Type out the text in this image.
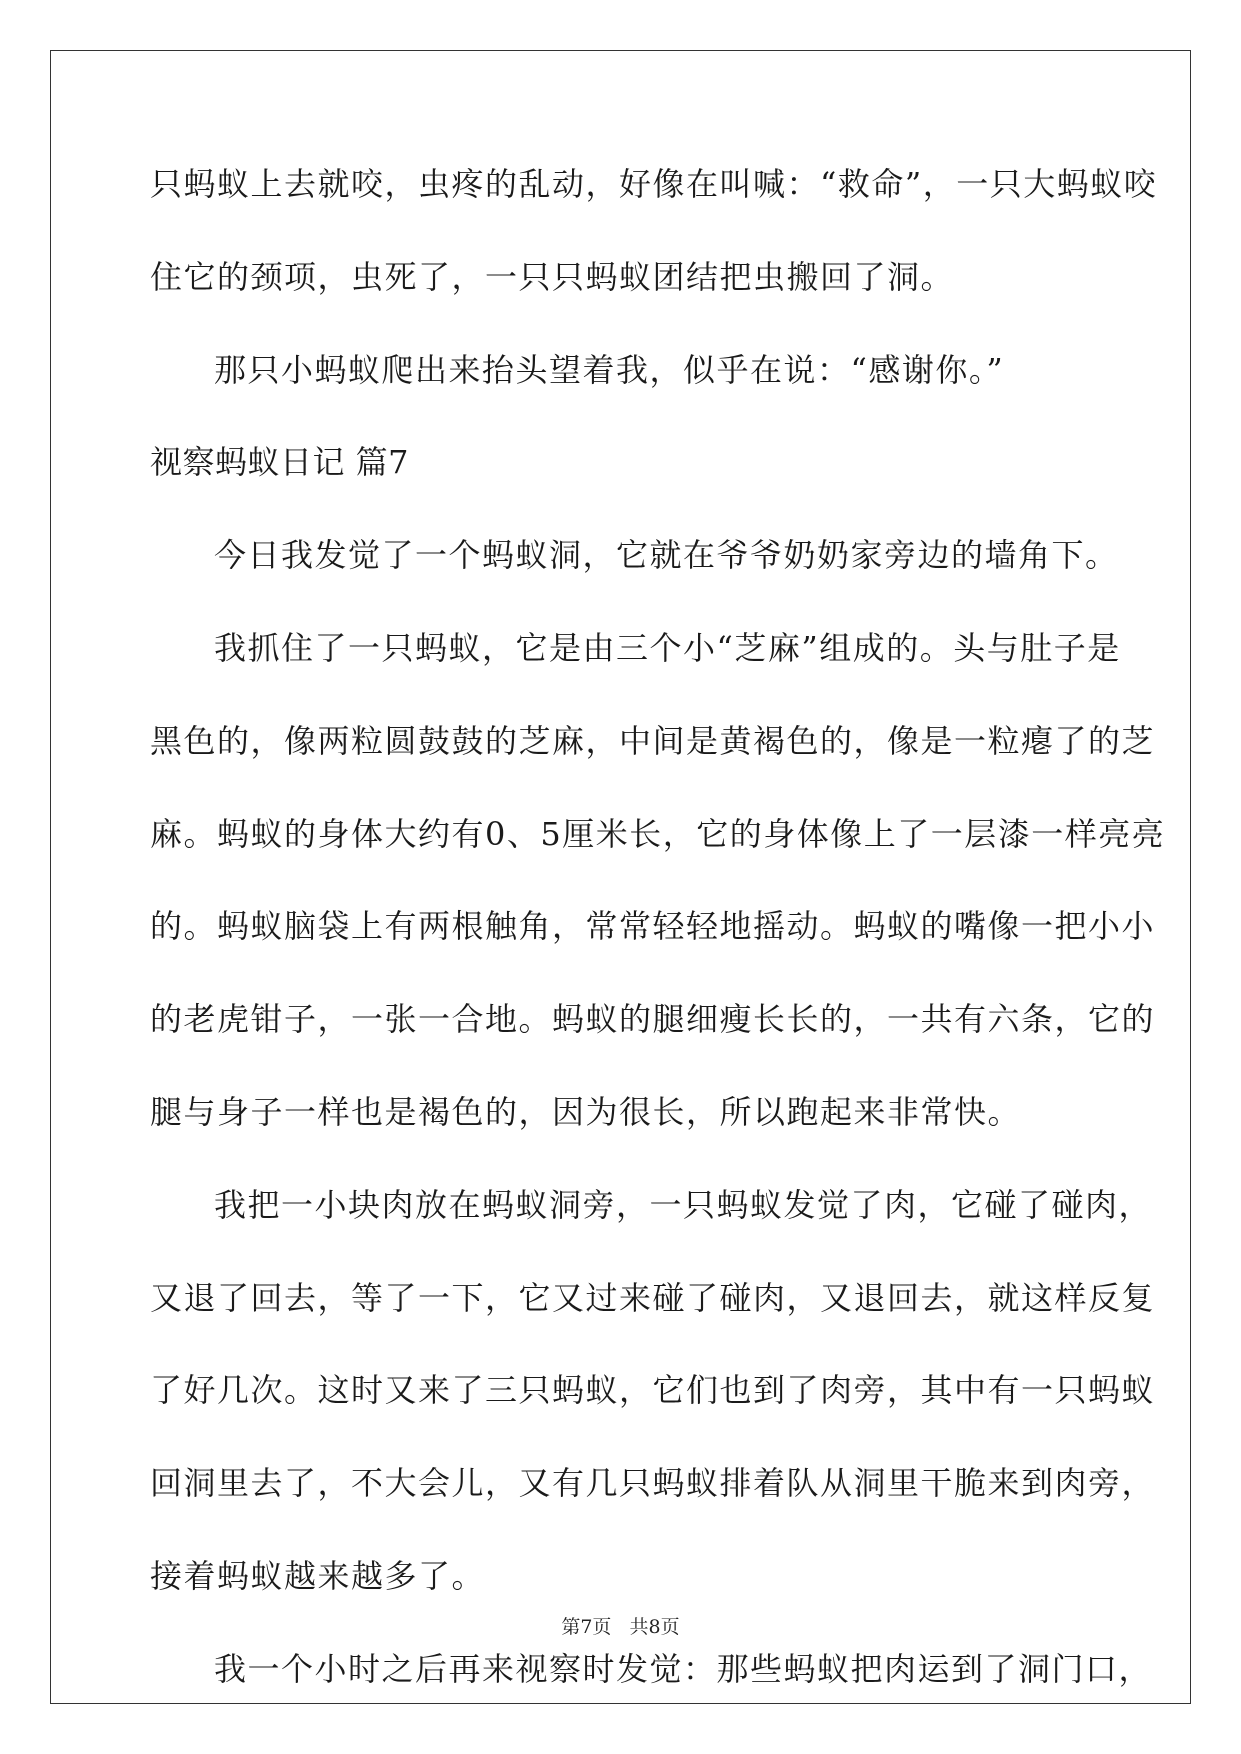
只蚂蚁上去就咬，虫疼的乱动，好像在叫喊：“救命”，一只大蚂蚁咬
住它的颈项，虫死了，一只只蚂蚁团结把虫搬回了洞。
那只小蚂蚁爬出来抬头望着我，似乎在说：“感谢你。”
视察蚂蚁日记 篇7
今日我发觉了一个蚂蚁洞，它就在爷爷奶奶家旁边的墙角下。
我抓住了一只蚂蚁，它是由三个小“芝麻”组成的。头与肚子是
黑色的，像两粒圆鼓鼓的芝麻，中间是黄褐色的，像是一粒瘪了的芝
麻。蚂蚁的身体大约有0、5厘米长，它的身体像上了一层漆一样亮亮
的。蚂蚁脑袋上有两根触角，常常轻轻地摇动。蚂蚁的嘴像一把小小
的老虎钳子，一张一合地。蚂蚁的腿细瘦长长的，一共有六条，它的
腿与身子一样也是褐色的，因为很长，所以跑起来非常快。
我把一小块肉放在蚂蚁洞旁，一只蚂蚁发觉了肉，它碰了碰肉，
又退了回去，等了一下，它又过来碰了碰肉，又退回去，就这样反复
了好几次。这时又来了三只蚂蚁，它们也到了肉旁，其中有一只蚂蚁
回洞里去了，不大会儿，又有几只蚂蚁排着队从洞里干脆来到肉旁，
接着蚂蚁越来越多了。
我一个小时之后再来视察时发觉：那些蚂蚁把肉运到了洞门口，
第7页   共8页
